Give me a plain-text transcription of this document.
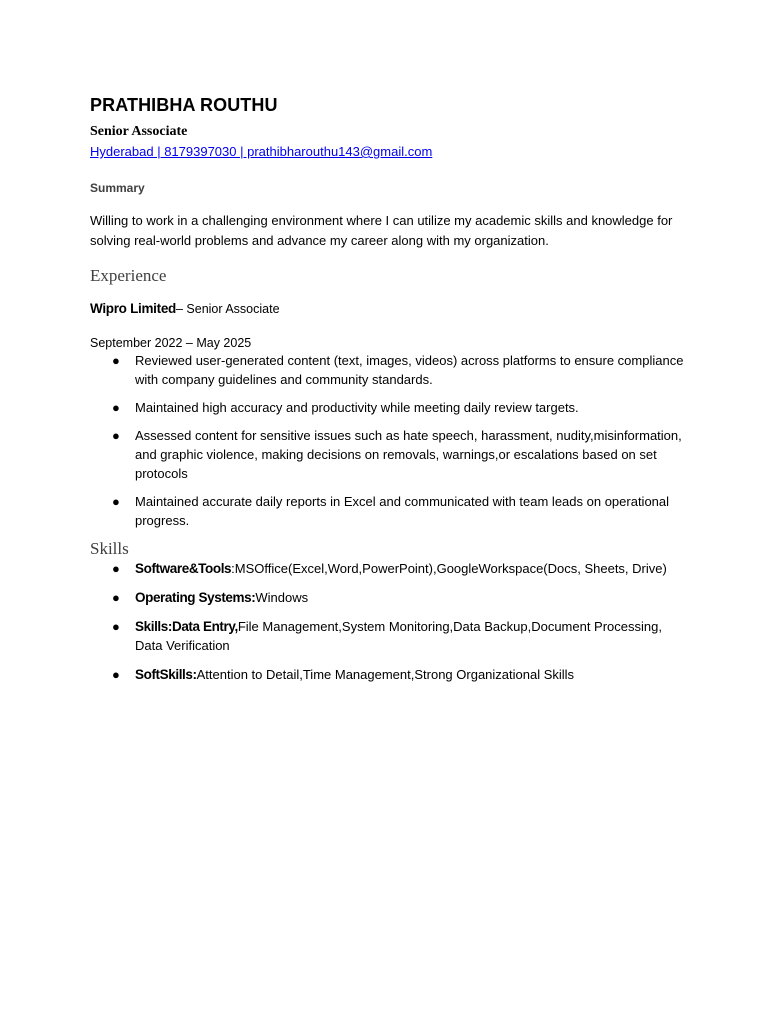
PRATHIBHA ROUTHU
Senior Associate
Hyderabad | 8179397030 | prathibharouthu143@gmail.com
Summary
Willing to work in a challenging environment where I can utilize my academic skills and knowledge for solving real-world problems and advance my career along with my organization.
Experience
Wipro Limited– Senior Associate
September 2022 – May 2025
● Reviewed user-generated content (text, images, videos) across platforms to ensure compliance with company guidelines and community standards.
● Maintained high accuracy and productivity while meeting daily review targets.
● Assessed content for sensitive issues such as hate speech, harassment, nudity,misinformation, and graphic violence, making decisions on removals, warnings,or escalations based on set protocols
● Maintained accurate daily reports in Excel and communicated with team leads on operational progress.
Skills
● Software&Tools:MSOffice(Excel,Word,PowerPoint),GoogleWorkspace(Docs, Sheets, Drive)
● Operating Systems:Windows
● Skills:Data Entry,File Management,System Monitoring,Data Backup,Document Processing, Data Verification
● SoftSkills:Attention to Detail,Time Management,Strong Organizational Skills
